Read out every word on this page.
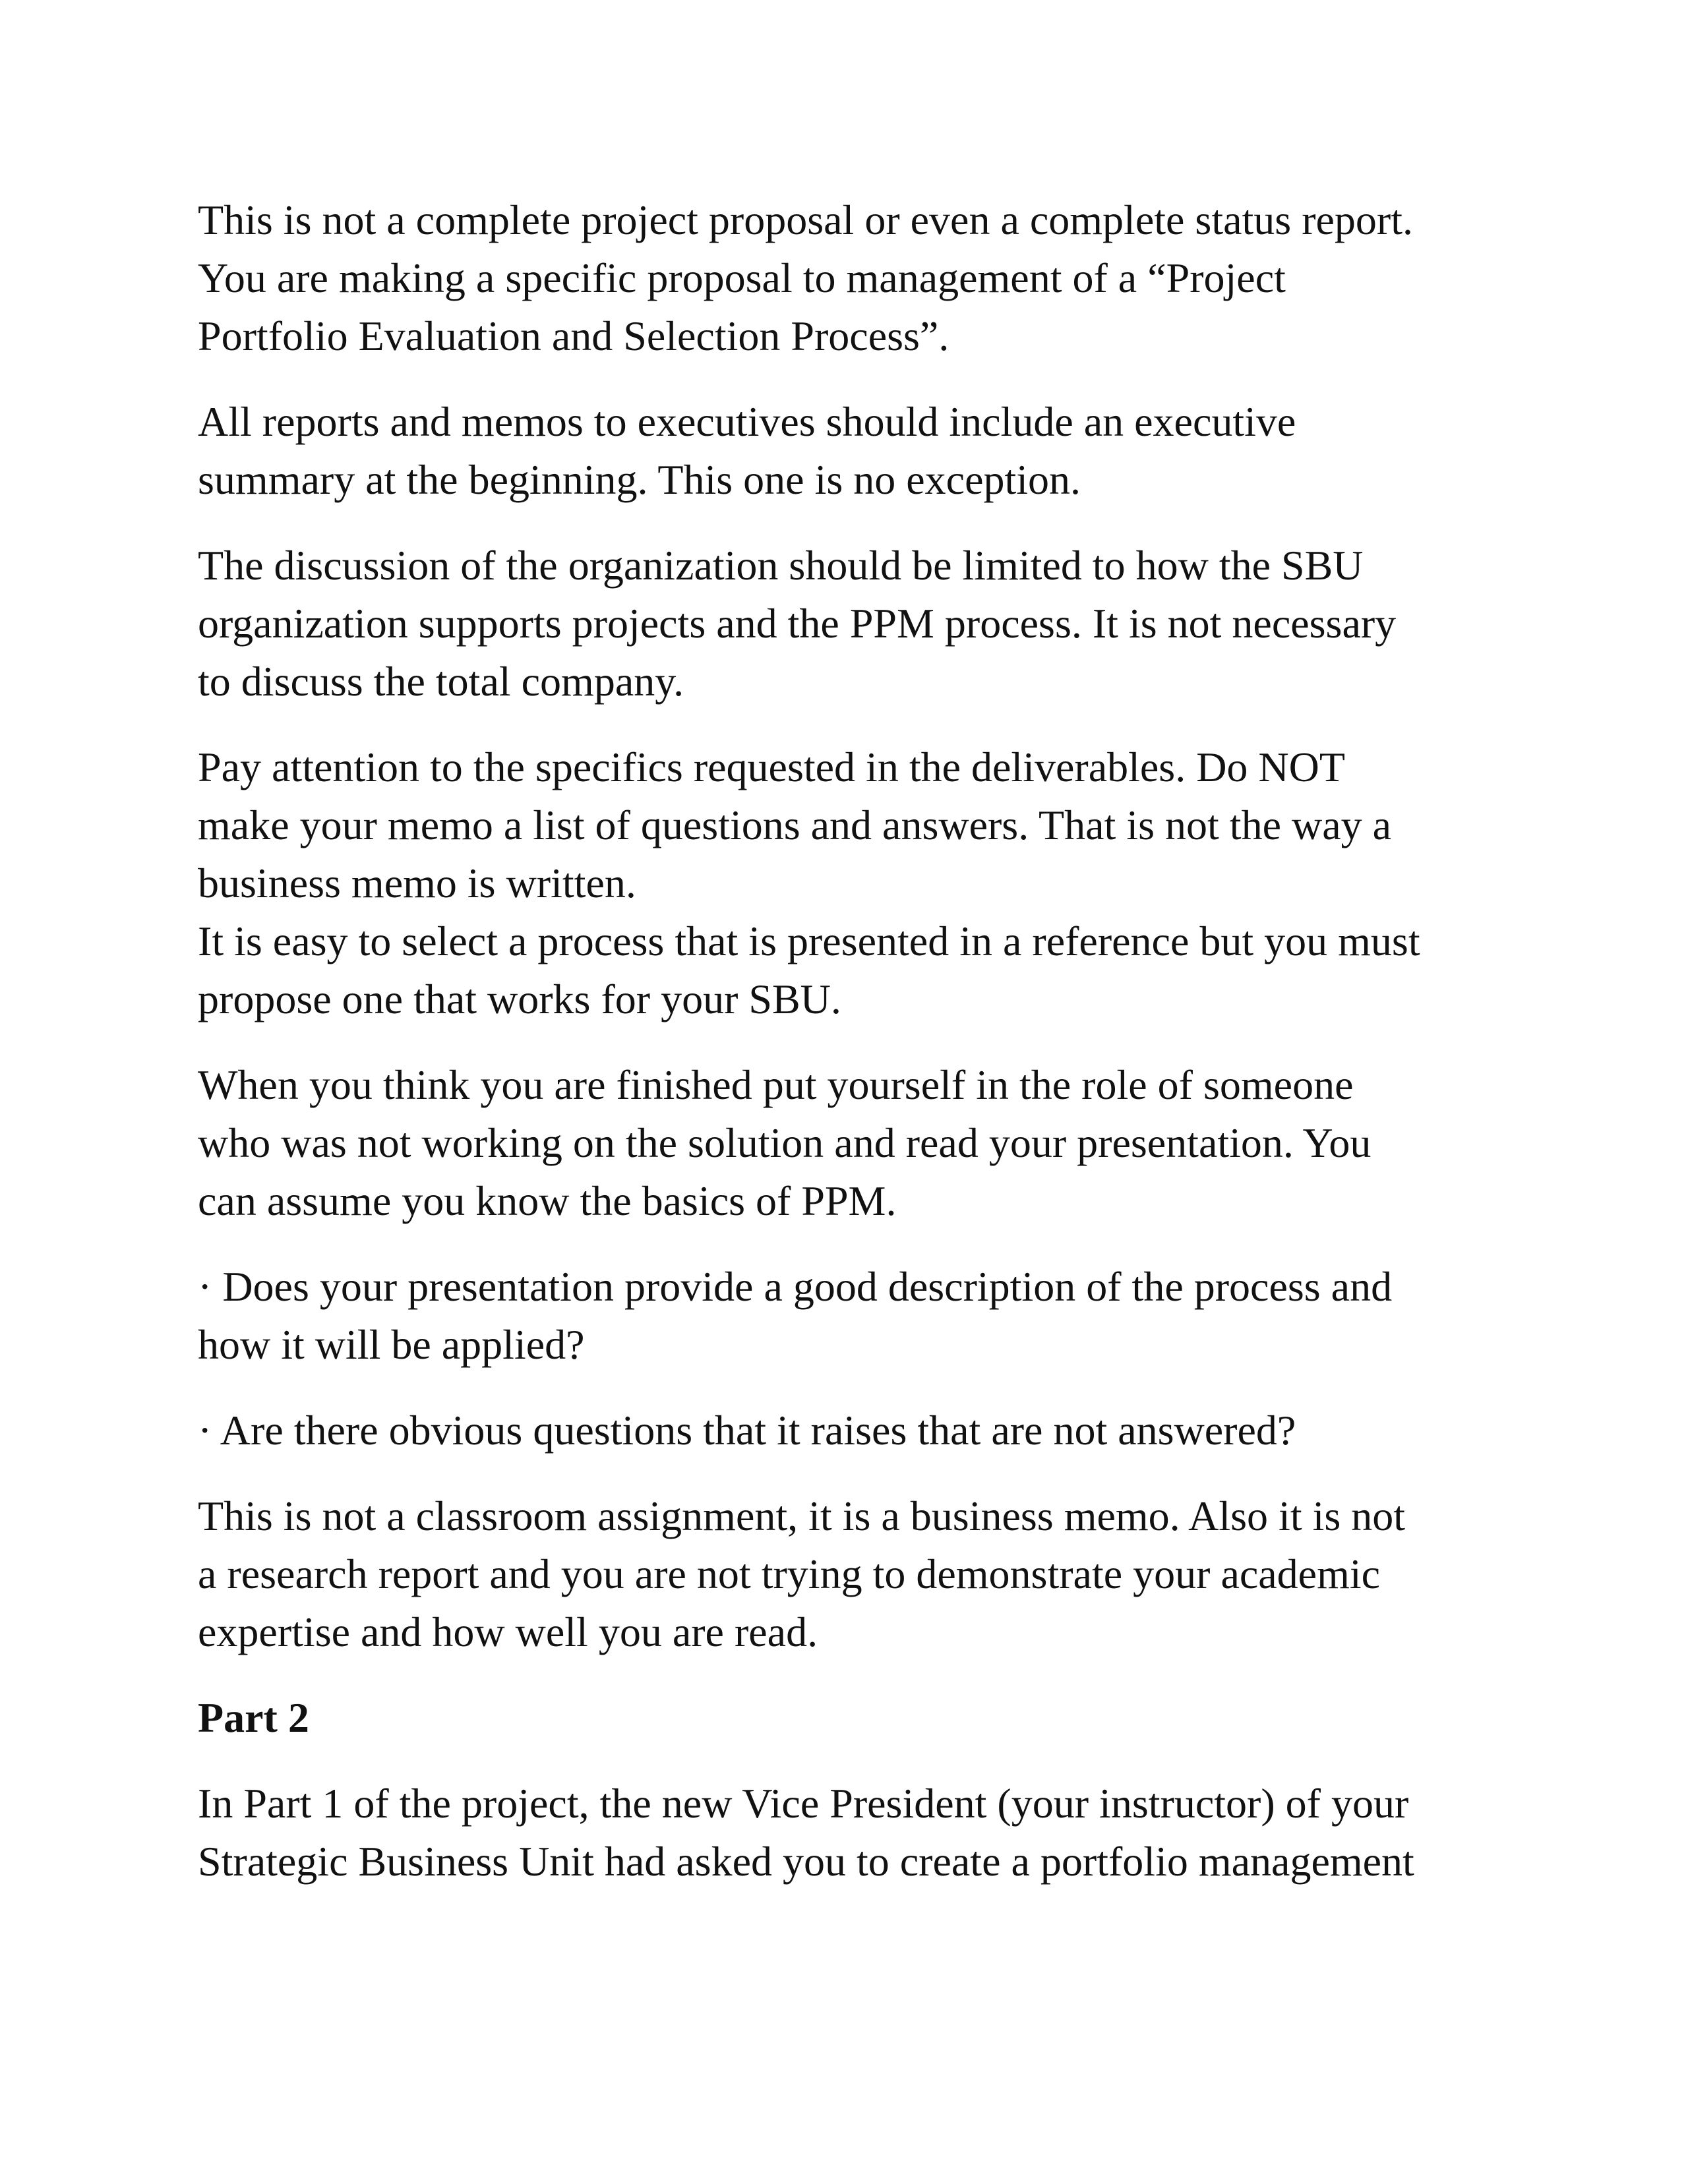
This is not a complete project proposal or even a complete status report.
You are making a specific proposal to management of a “Project
Portfolio Evaluation and Selection Process”.

All reports and memos to executives should include an executive
summary at the beginning. This one is no exception.

The discussion of the organization should be limited to how the SBU
organization supports projects and the PPM process. It is not necessary
to discuss the total company.

Pay attention to the specifics requested in the deliverables. Do NOT
make your memo a list of questions and answers. That is not the way a
business memo is written.

It is easy to select a process that is presented in a reference but you must
propose one that works for your SBU.

When you think you are finished put yourself in the role of someone
who was not working on the solution and read your presentation. You
can assume you know the basics of PPM.

· Does your presentation provide a good description of the process and
how it will be applied?

· Are there obvious questions that it raises that are not answered?

This is not a classroom assignment, it is a business memo. Also it is not
a research report and you are not trying to demonstrate your academic
expertise and how well you are read.

Part 2

In Part 1 of the project, the new Vice President (your instructor) of your
Strategic Business Unit had asked you to create a portfolio management
